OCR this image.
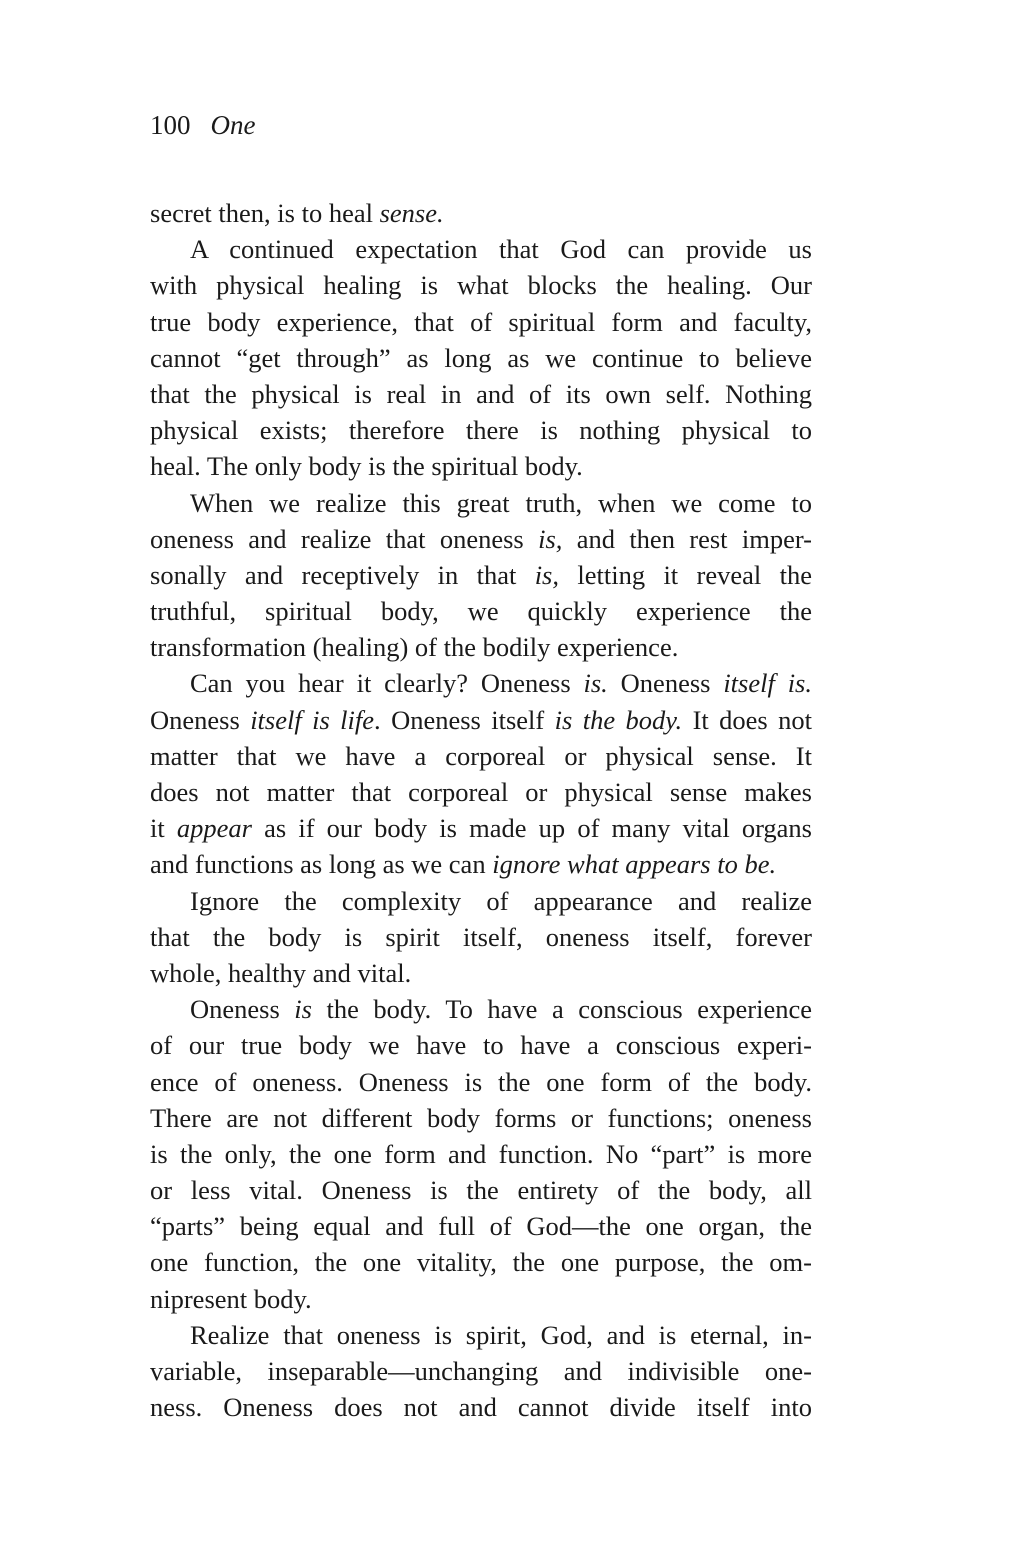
100 One
secret then, is to heal sense.
A continued expectation that God can provide us
with physical healing is what blocks the healing. Our
true body experience, that of spiritual form and faculty,
cannot “get through” as long as we continue to believe
that the physical is real in and of its own self. Nothing
physical exists; therefore there is nothing physical to
heal. The only body is the spiritual body.
When we realize this great truth, when we come to
oneness and realize that oneness is, and then rest imper-
sonally and receptively in that is, letting it reveal the
truthful, spiritual body, we quickly experience the
transformation (healing) of the bodily experience.
Can you hear it clearly? Oneness is. Oneness itself is.
Oneness itself is life. Oneness itself is the body. It does not
matter that we have a corporeal or physical sense. It
does not matter that corporeal or physical sense makes
it appear as if our body is made up of many vital organs
and functions as long as we can ignore what appears to be.
Ignore the complexity of appearance and realize
that the body is spirit itself, oneness itself, forever
whole, healthy and vital.
Oneness is the body. To have a conscious experience
of our true body we have to have a conscious experi-
ence of oneness. Oneness is the one form of the body.
There are not different body forms or functions; oneness
is the only, the one form and function. No “part” is more
or less vital. Oneness is the entirety of the body, all
“parts” being equal and full of God—the one organ, the
one function, the one vitality, the one purpose, the om-
nipresent body.
Realize that oneness is spirit, God, and is eternal, in-
variable, inseparable—unchanging and indivisible one-
ness. Oneness does not and cannot divide itself into
